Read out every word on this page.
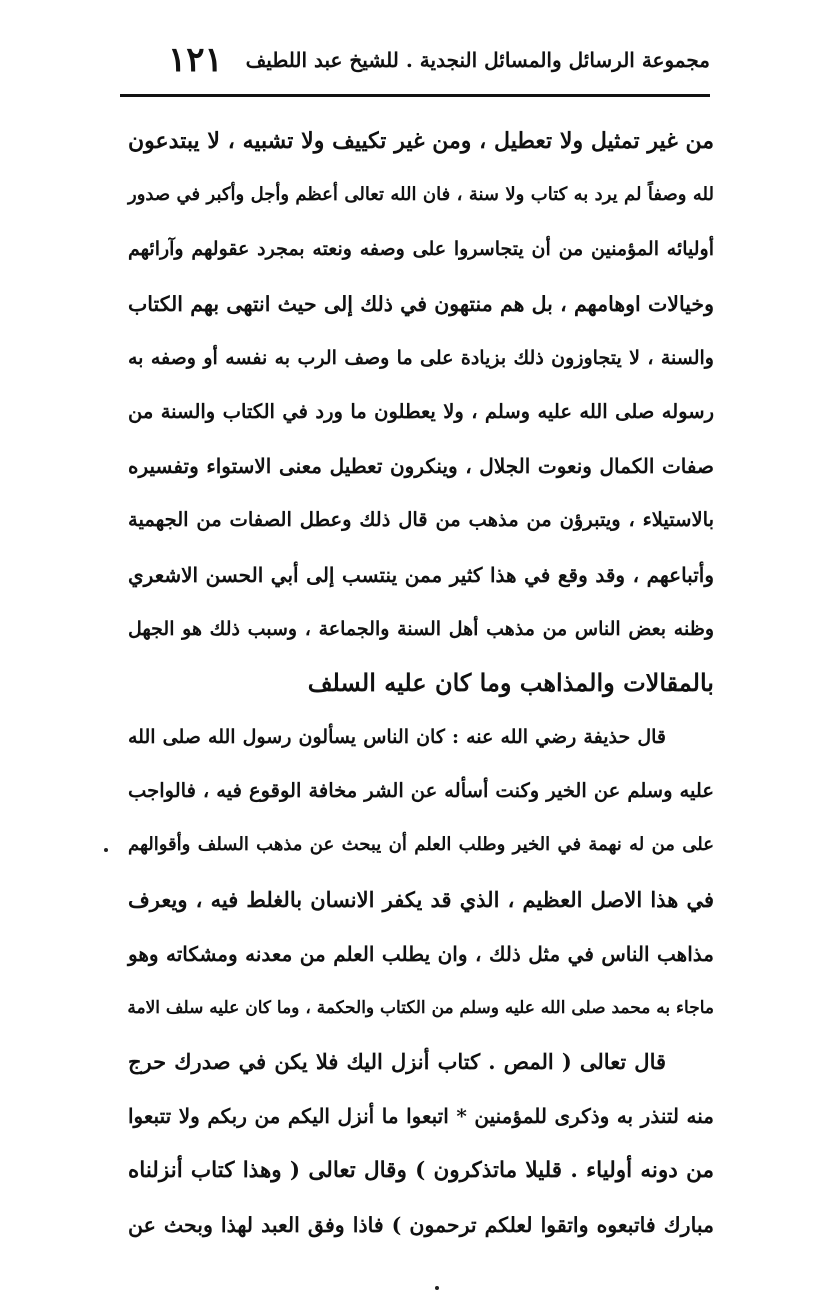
مجموعة الرسائل والمسائل النجدية . للشيخ عبد اللطيف
١٢١
من غير تمثيل ولا تعطيل ، ومن غير تكييف ولا تشبيه ، لا يبتدعون
لله وصفاً لم يرد به كتاب ولا سنة ، فان الله تعالى أعظم وأجل وأكبر في صدور
أوليائه المؤمنين من أن يتجاسروا على وصفه ونعته بمجرد عقولهم وآرائهم
وخيالات اوهامهم ، بل هم منتهون في ذلك إلى حيث انتهى بهم الكتاب
والسنة ، لا يتجاوزون ذلك بزيادة على ما وصف الرب به نفسه أو وصفه به
رسوله صلى الله عليه وسلم ، ولا يعطلون ما ورد في الكتاب والسنة من
صفات الكمال ونعوت الجلال ، وينكرون تعطيل معنى الاستواء وتفسيره
بالاستيلاء ، ويتبرؤن من مذهب من قال ذلك وعطل الصفات من الجهمية
وأتباعهم ، وقد وقع في هذا كثير ممن ينتسب إلى أبي الحسن الاشعري
وظنه بعض الناس من مذهب أهل السنة والجماعة ، وسبب ذلك هو الجهل
بالمقالات والمذاهب وما كان عليه السلف
قال حذيفة رضي الله عنه : كان الناس يسألون رسول الله صلى الله
عليه وسلم عن الخير وكنت أسأله عن الشر مخافة الوقوع فيه ، فالواجب
على من له نهمة في الخير وطلب العلم أن يبحث عن مذهب السلف وأقوالهم
في هذا الاصل العظيم ، الذي قد يكفر الانسان بالغلط فيه ، ويعرف
مذاهب الناس في مثل ذلك ، وان يطلب العلم من معدنه ومشكاته وهو
ماجاء به محمد صلى الله عليه وسلم من الكتاب والحكمة ، وما كان عليه سلف الامة
قال تعالى ( المص . كتاب أنزل اليك فلا يكن في صدرك حرج
منه لتنذر به وذكرى للمؤمنين * اتبعوا ما أنزل اليكم من ربكم ولا تتبعوا
من دونه أولياء . قليلا ماتذكرون ) وقال تعالى ( وهذا كتاب أنزلناه
مبارك فاتبعوه واتقوا لعلكم ترحمون ) فاذا وفق العبد لهذا وبحث عن
